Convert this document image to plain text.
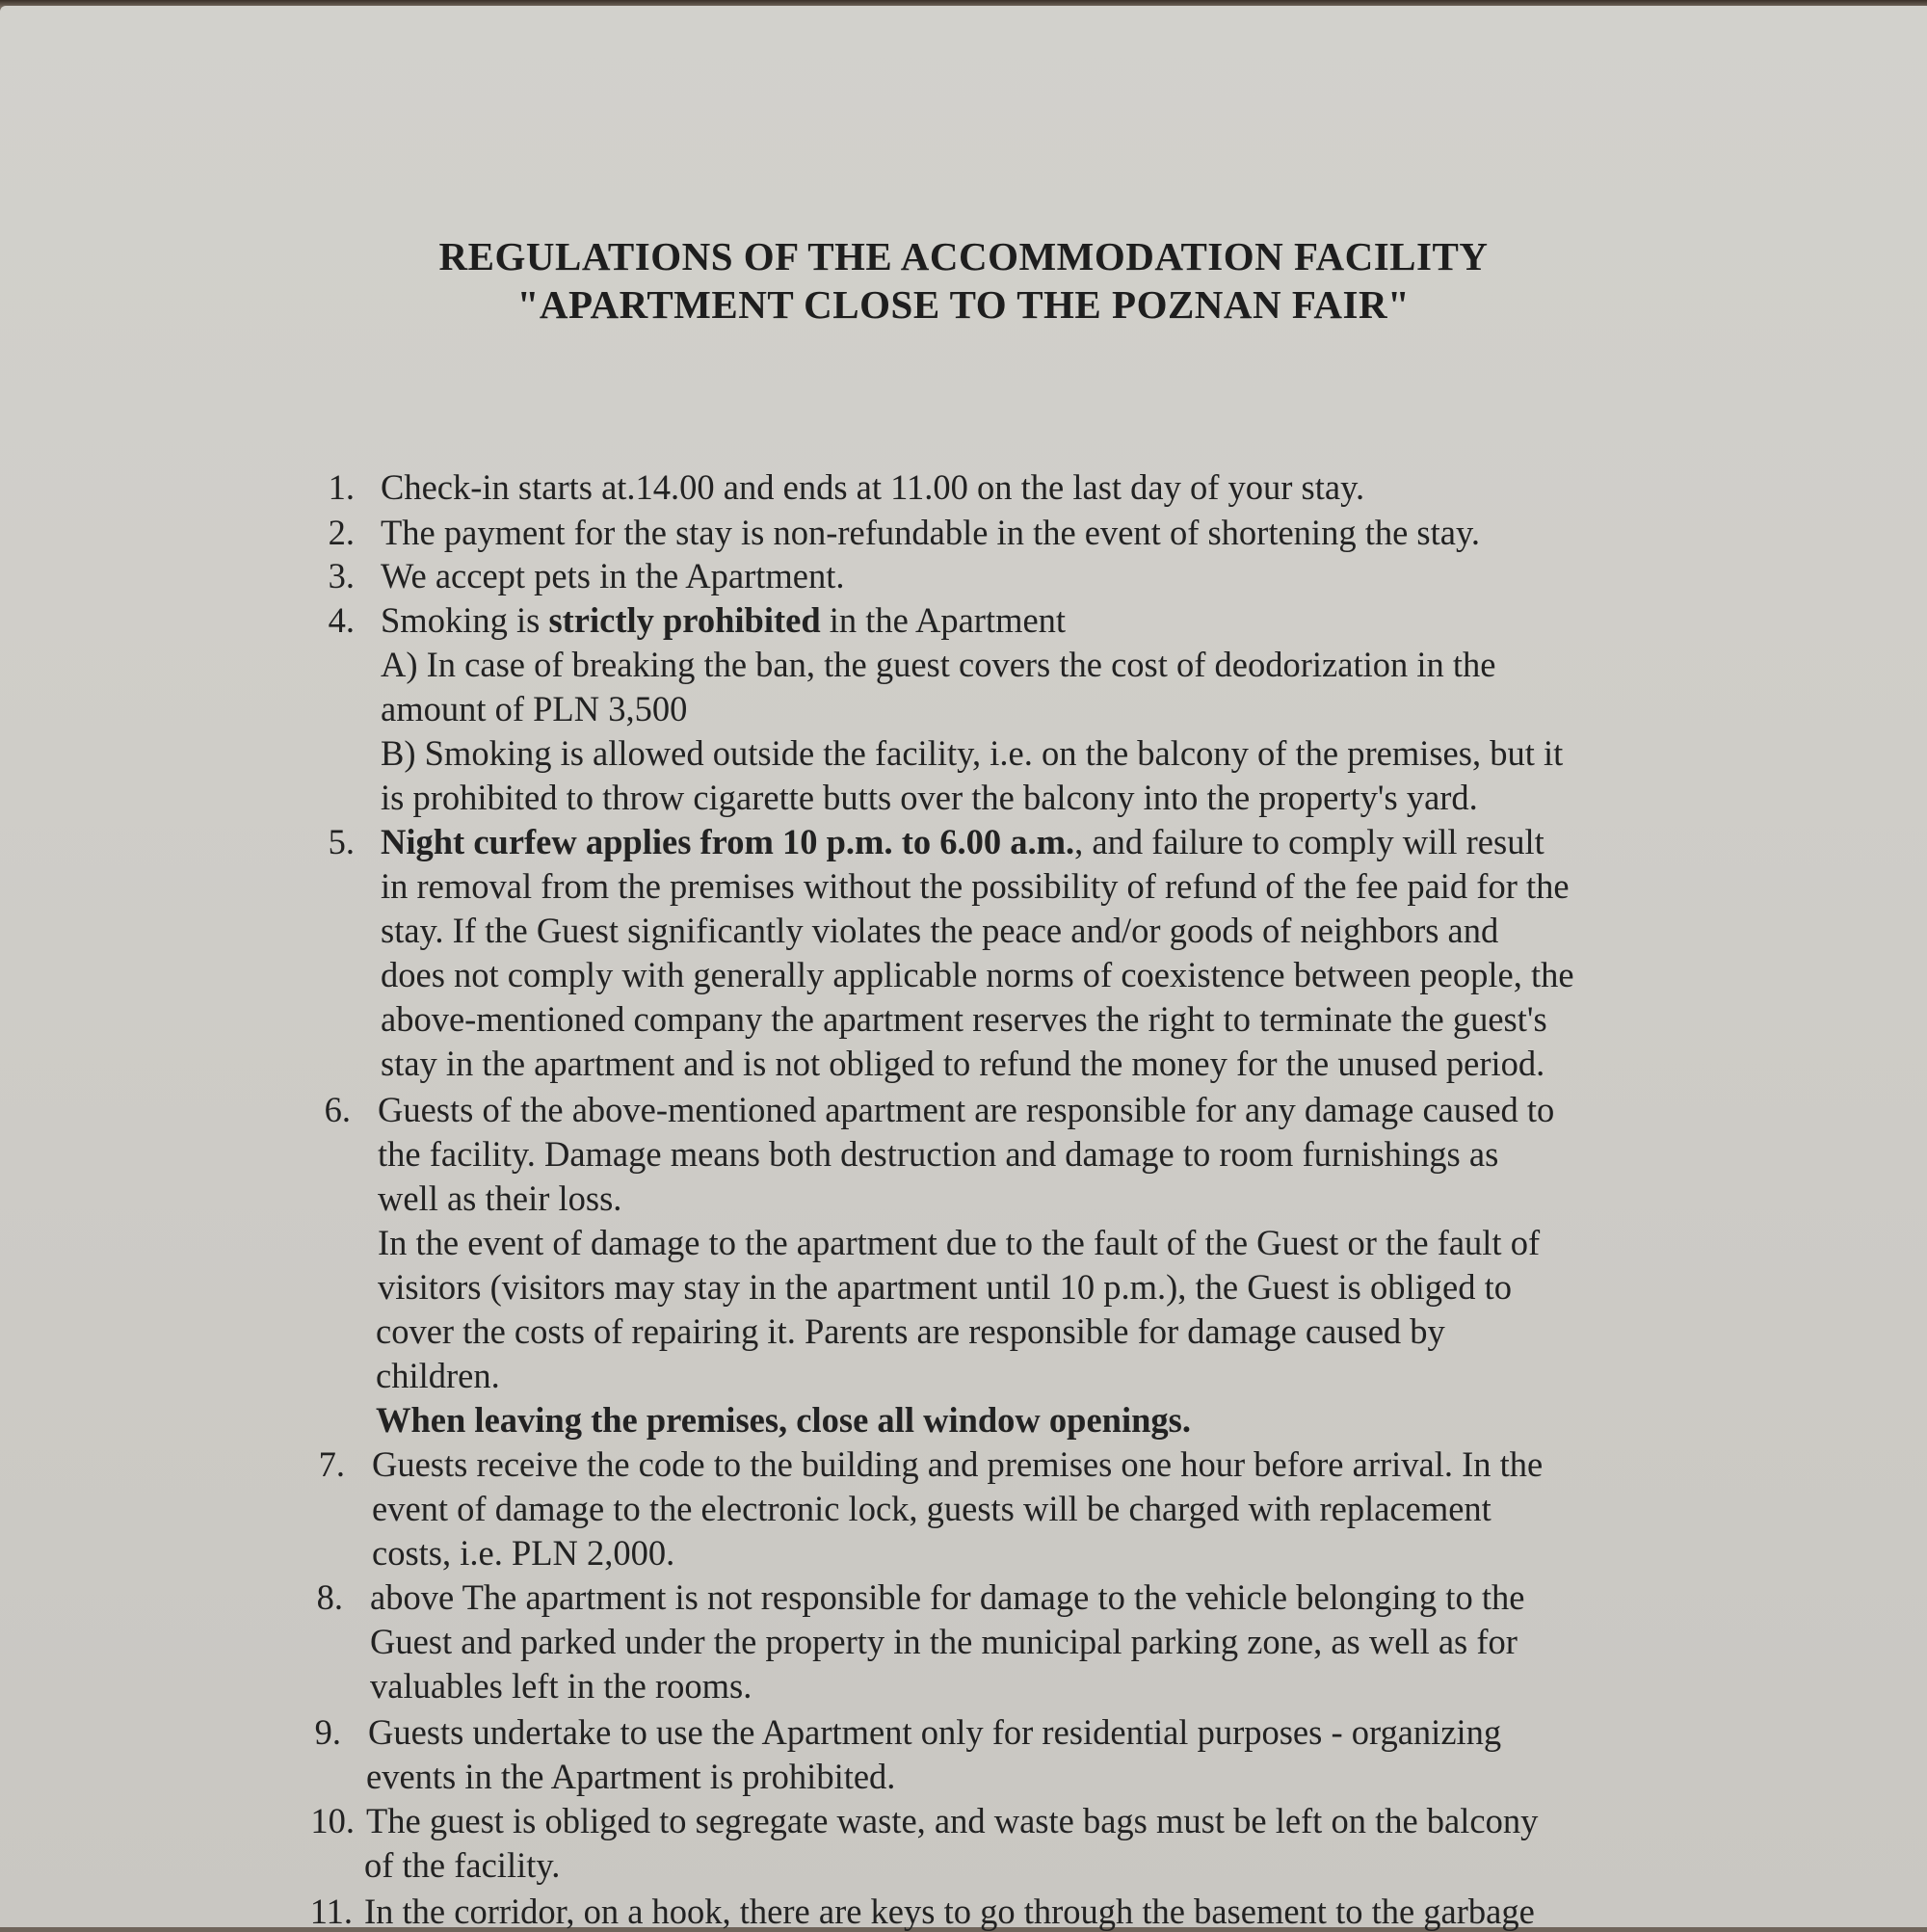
REGULATIONS OF THE ACCOMMODATION FACILITY
"APARTMENT CLOSE TO THE POZNAN FAIR"
1. Check-in starts at.14.00 and ends at 11.00 on the last day of your stay.
2. The payment for the stay is non-refundable in the event of shortening the stay.
3. We accept pets in the Apartment.
4. Smoking is strictly prohibited in the Apartment
A) In case of breaking the ban, the guest covers the cost of deodorization in the
amount of PLN 3,500
B) Smoking is allowed outside the facility, i.e. on the balcony of the premises, but it
is prohibited to throw cigarette butts over the balcony into the property's yard.
5. Night curfew applies from 10 p.m. to 6.00 a.m., and failure to comply will result
in removal from the premises without the possibility of refund of the fee paid for the
stay. If the Guest significantly violates the peace and/or goods of neighbors and
does not comply with generally applicable norms of coexistence between people, the
above-mentioned company the apartment reserves the right to terminate the guest's
stay in the apartment and is not obliged to refund the money for the unused period.
6. Guests of the above-mentioned apartment are responsible for any damage caused to
the facility. Damage means both destruction and damage to room furnishings as
well as their loss.
In the event of damage to the apartment due to the fault of the Guest or the fault of
visitors (visitors may stay in the apartment until 10 p.m.), the Guest is obliged to
cover the costs of repairing it. Parents are responsible for damage caused by
children.
When leaving the premises, close all window openings.
7. Guests receive the code to the building and premises one hour before arrival. In the
event of damage to the electronic lock, guests will be charged with replacement
costs, i.e. PLN 2,000.
8. above The apartment is not responsible for damage to the vehicle belonging to the
Guest and parked under the property in the municipal parking zone, as well as for
valuables left in the rooms.
9. Guests undertake to use the Apartment only for residential purposes - organizing
events in the Apartment is prohibited.
10. The guest is obliged to segregate waste, and waste bags must be left on the balcony
of the facility.
11. In the corridor, on a hook, there are keys to go through the basement to the garbage
